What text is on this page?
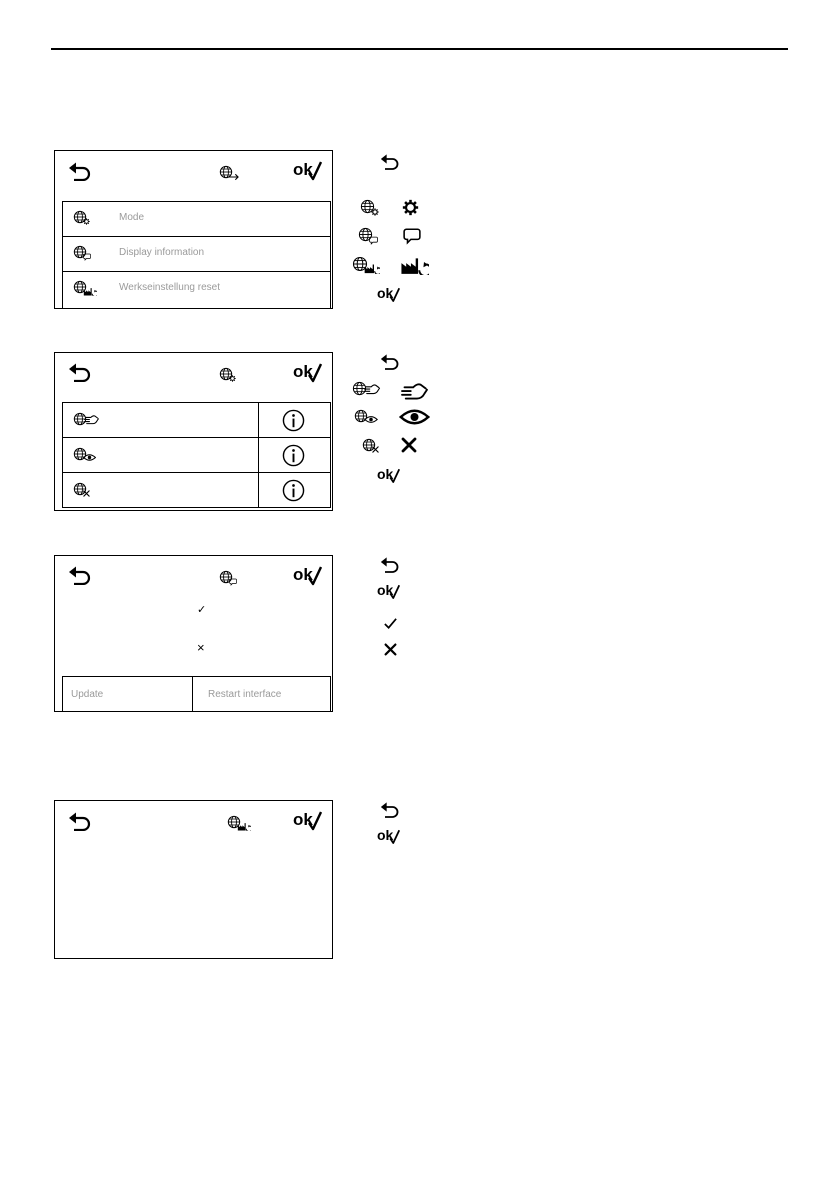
ok
Mode
Display information
Werkseinstellung reset	ok
ok
ok
ok
✓
×
Update	Restart interface
ok
ok
ok
